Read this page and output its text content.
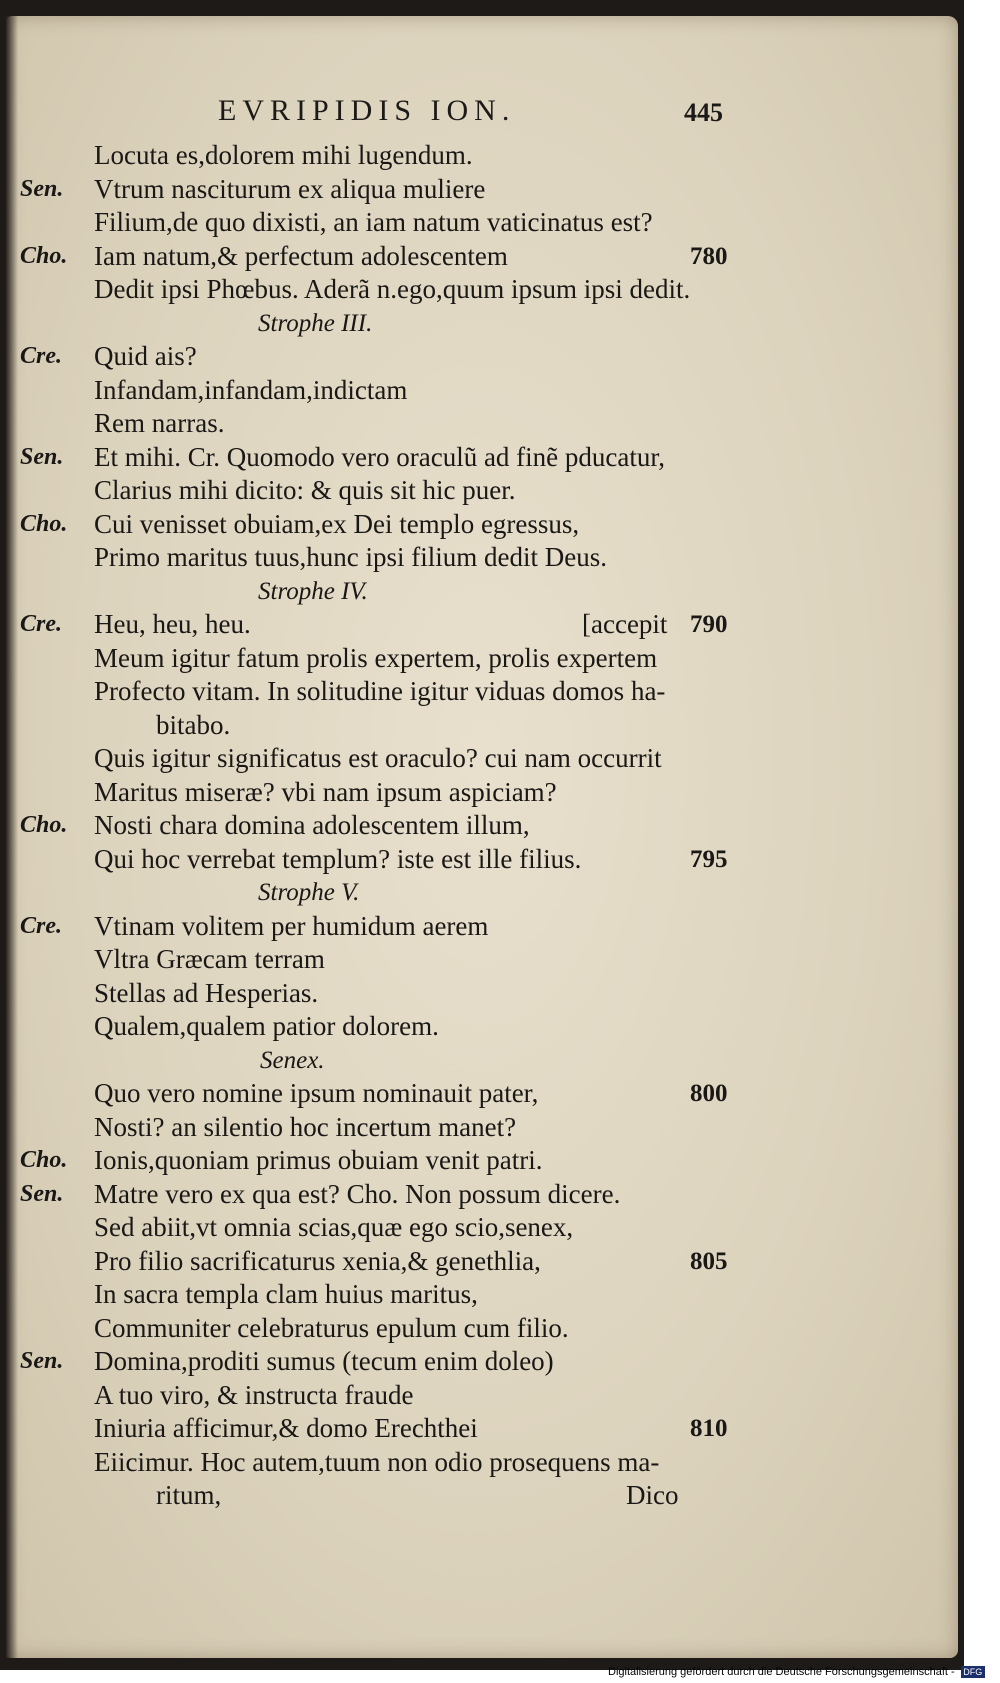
EVRIPIDIS ION.	445
Locuta es,dolorem mihi lugendum.
Sen. Vtrum nasciturum ex aliqua muliere
Filium,de quo dixisti, an iam natum vaticinatus est?
Cho. Iam natum,& perfectum adolescentem	780
Dedit ipsi Phœbus. Aderã n.ego,quum ipsum ipsi dedit.
Strophe III.
Cre. Quid ais?
Infandam,infandam,indictam
Rem narras.
Sen. Et mihi. Cr. Quomodo vero oraculũ ad finẽ pducatur,
Clarius mihi dicito: & quis sit hic puer.
Cho. Cui venisset obuiam,ex Dei templo egressus,
Primo maritus tuus,hunc ipsi filium dedit Deus.
Strophe IV.
Cre. Heu, heu, heu.	[accepit 790
Meum igitur fatum prolis expertem, prolis expertem
Profecto vitam. In solitudine igitur viduas domos ha-
bitabo.
Quis igitur significatus est oraculo? cui nam occurrit
Maritus miseræ? vbi nam ipsum aspiciam?
Cho. Nosti chara domina adolescentem illum,
Qui hoc verrebat templum? iste est ille filius.	795
Strophe V.
Cre. Vtinam volitem per humidum aerem
Vltra Græcam terram
Stellas ad Hesperias.
Qualem,qualem patior dolorem.
Senex.
Quo vero nomine ipsum nominauit pater,	800
Nosti? an silentio hoc incertum manet?
Cho. Ionis,quoniam primus obuiam venit patri.
Sen. Matre vero ex qua est? Cho. Non possum dicere.
Sed abiit,vt omnia scias,quæ ego scio,senex,
Pro filio sacrificaturus xenia,& genethlia,	805
In sacra templa clam huius maritus,
Communiter celebraturus epulum cum filio.
Sen. Domina,proditi sumus (tecum enim doleo)
A tuo viro, & instructa fraude
Iniuria afficimur,& domo Erechthei	810
Eiicimur. Hoc autem,tuum non odio prosequens ma-
ritum,	Dico
Digitalisierung gefördert durch die Deutsche Forschungsgemeinschaft - DFG
